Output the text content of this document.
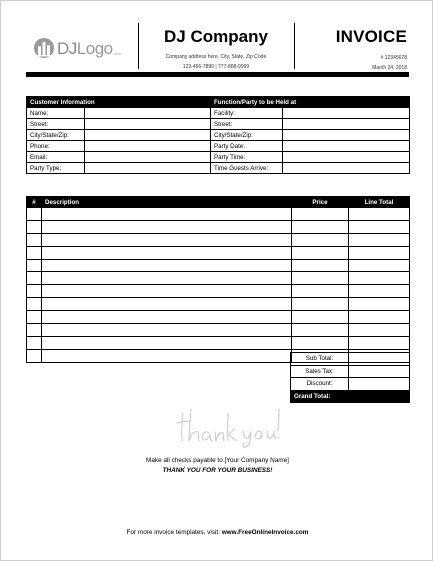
DJLogo com
DJ Company
Company address here, City, State, Zip Code
123-456-7890 | 777-888-9999
INVOICE
# 12345678
March 24, 2018
Customer Information		Function/Party to be Held at	
Name:		Facility:	
Street:		Street:	
City/State/Zip:		City/State/Zip:	
Phone:		Party Date:	
Email:		Party Time:	
Party Type:		Time Guests Arrive:	
#	Description	Price	Line Total

Sub Total:	
Sales Tax:	
Discount:	
Grand Total:	
Make all checks payable to [Your Company Name]
THANK YOU FOR YOUR BUSINESS!
For more invoice templates, visit: www.FreeOnlineInvoice.com
